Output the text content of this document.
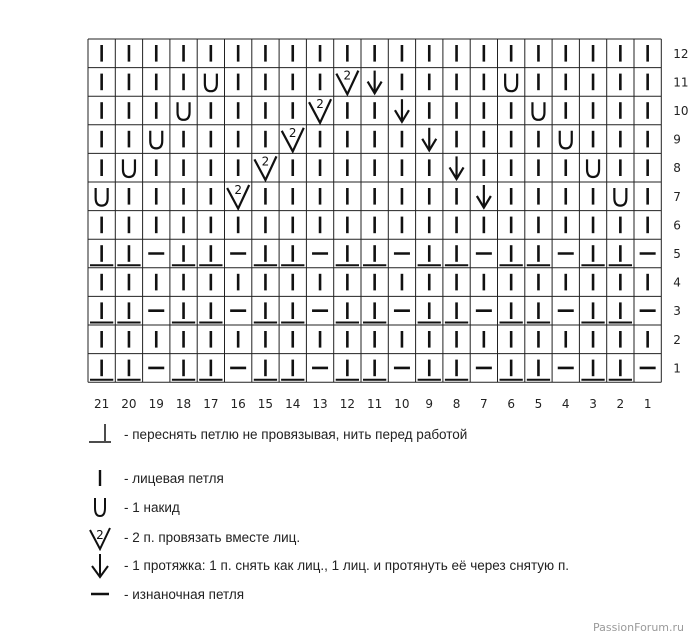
2
2
2
2
2
12
11
10
9
8
7
6
5
4
3
2
1
21 20 19 18 17 16 15 14 13 12 11 10 9 8 7 6 5 4 3 2 1
- переснять петлю не провязывая, нить перед работой
- лицевая петля
- 1 накид
2 - 2 п. провязать вместе лиц.
- 1 протяжка: 1 п. снять как лиц., 1 лиц. и протянуть её через снятую п.
- изнаночная петля
PassionForum.ru
